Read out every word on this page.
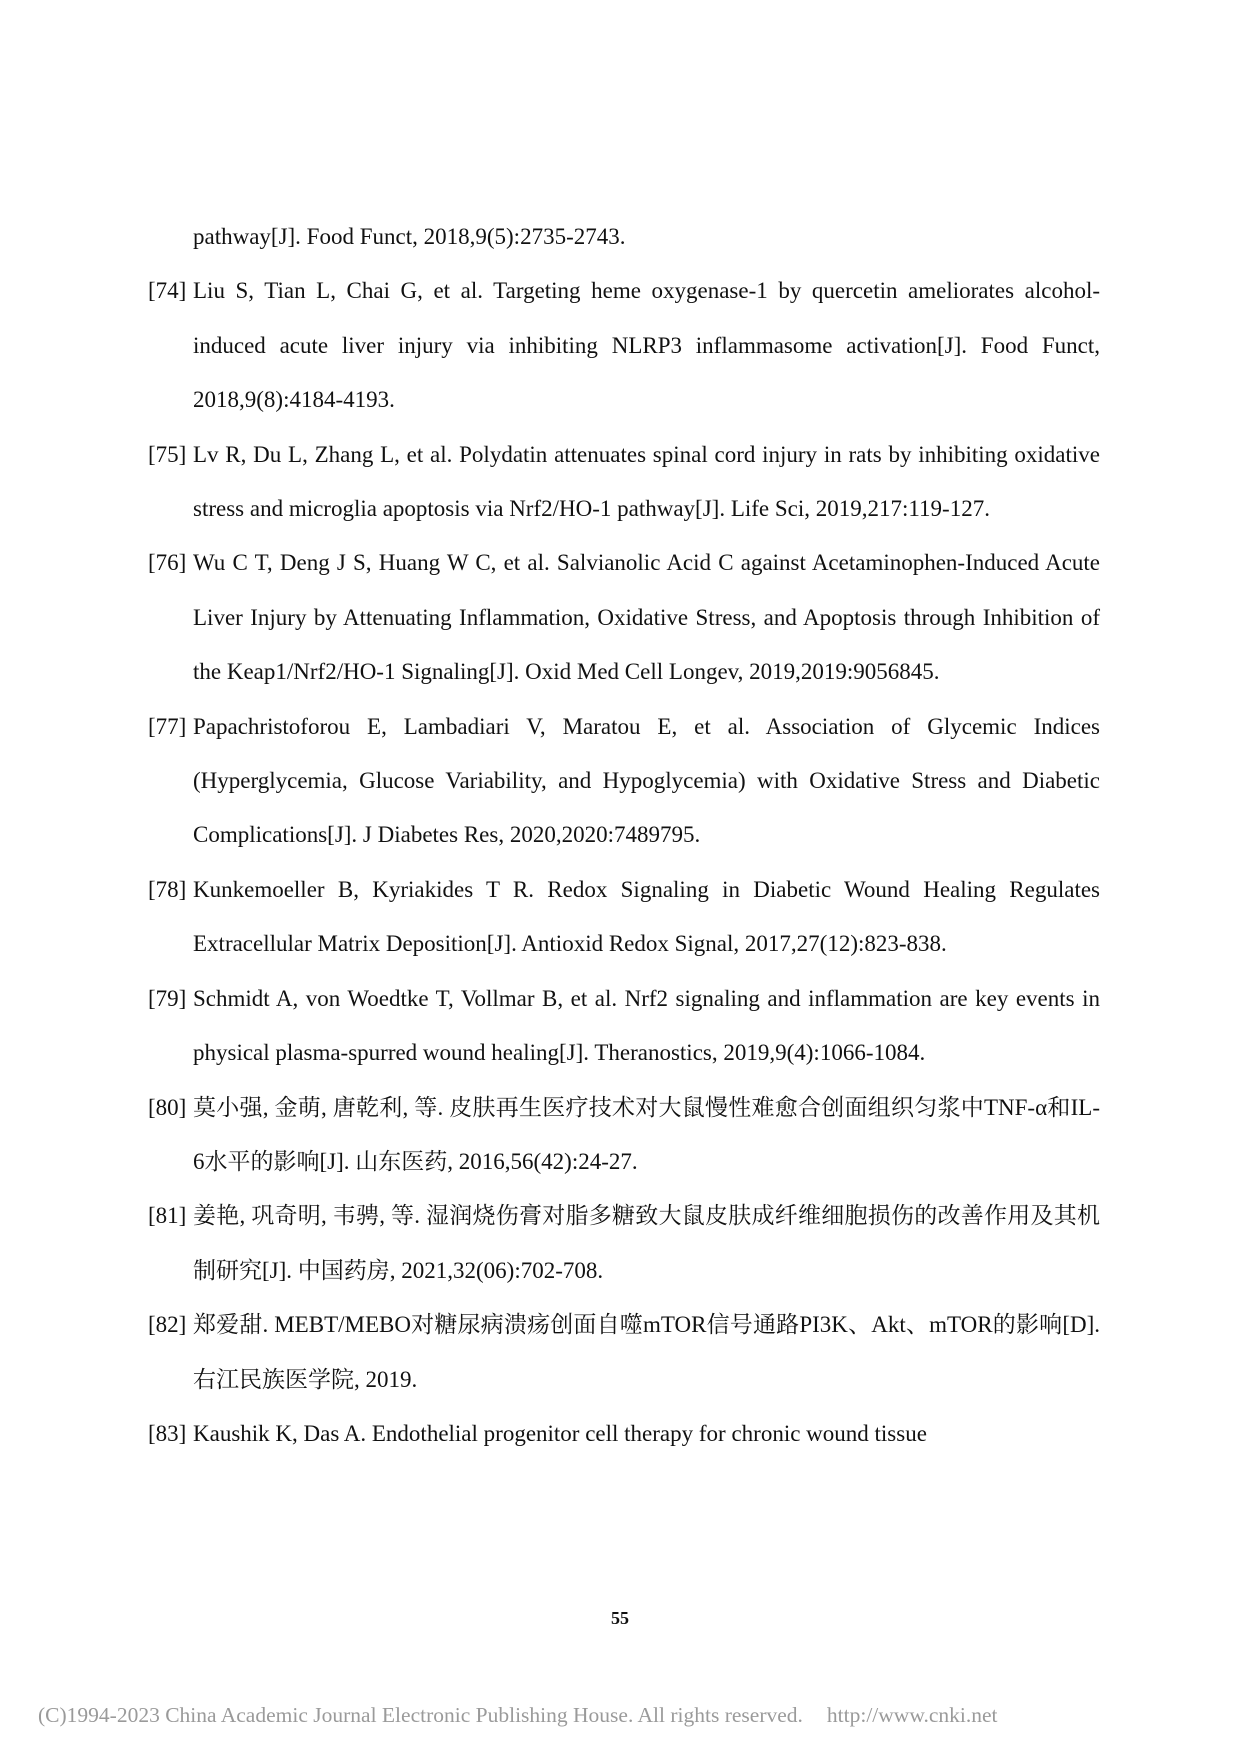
pathway[J]. Food Funct, 2018,9(5):2735-2743.
[74] Liu S, Tian L, Chai G, et al. Targeting heme oxygenase-1 by quercetin ameliorates alcohol-induced acute liver injury via inhibiting NLRP3 inflammasome activation[J]. Food Funct, 2018,9(8):4184-4193.
[75] Lv R, Du L, Zhang L, et al. Polydatin attenuates spinal cord injury in rats by inhibiting oxidative stress and microglia apoptosis via Nrf2/HO-1 pathway[J]. Life Sci, 2019,217:119-127.
[76] Wu C T, Deng J S, Huang W C, et al. Salvianolic Acid C against Acetaminophen-Induced Acute Liver Injury by Attenuating Inflammation, Oxidative Stress, and Apoptosis through Inhibition of the Keap1/Nrf2/HO-1 Signaling[J]. Oxid Med Cell Longev, 2019,2019:9056845.
[77] Papachristoforou E, Lambadiari V, Maratou E, et al. Association of Glycemic Indices (Hyperglycemia, Glucose Variability, and Hypoglycemia) with Oxidative Stress and Diabetic Complications[J]. J Diabetes Res, 2020,2020:7489795.
[78] Kunkemoeller B, Kyriakides T R. Redox Signaling in Diabetic Wound Healing Regulates Extracellular Matrix Deposition[J]. Antioxid Redox Signal, 2017,27(12):823-838.
[79] Schmidt A, von Woedtke T, Vollmar B, et al. Nrf2 signaling and inflammation are key events in physical plasma-spurred wound healing[J]. Theranostics, 2019,9(4):1066-1084.
[80] 莫小强, 金萌, 唐乾利, 等. 皮肤再生医疗技术对大鼠慢性难愈合创面组织匀浆中TNF-α和IL-6水平的影响[J]. 山东医药, 2016,56(42):24-27.
[81] 姜艳, 巩奇明, 韦骋, 等. 湿润烧伤膏对脂多糖致大鼠皮肤成纤维细胞损伤的改善作用及其机制研究[J]. 中国药房, 2021,32(06):702-708.
[82] 郑爱甜. MEBT/MEBO对糖尿病溃疡创面自噬mTOR信号通路PI3K、Akt、mTOR的影响[D]. 右江民族医学院, 2019.
[83] Kaushik K, Das A. Endothelial progenitor cell therapy for chronic wound tissue
55
(C)1994-2023 China Academic Journal Electronic Publishing House. All rights reserved. http://www.cnki.net
